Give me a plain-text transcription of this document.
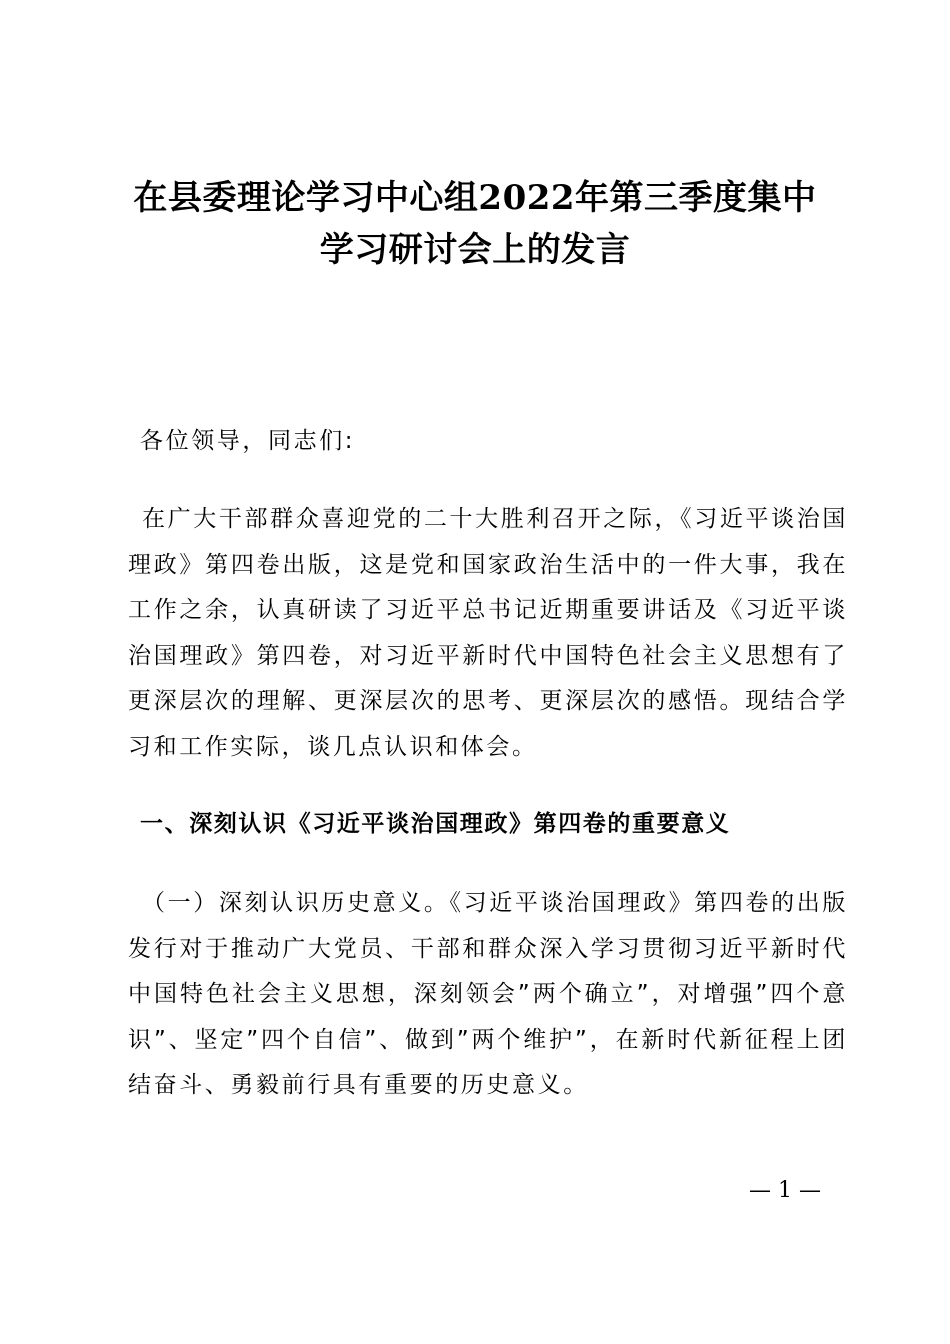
在县委理论学习中心组2022年第三季度集中
学习研讨会上的发言

各位领导，同志们:

在广大干部群众喜迎党的二十大胜利召开之际，《习近平谈治国理政》第四卷出版，这是党和国家政治生活中的一件大事，我在工作之余，认真研读了习近平总书记近期重要讲话及《习近平谈治国理政》第四卷，对习近平新时代中国特色社会主义思想有了更深层次的理解、更深层次的思考、更深层次的感悟。现结合学习和工作实际，谈几点认识和体会。

一、深刻认识《习近平谈治国理政》第四卷的重要意义

（一）深刻认识历史意义。《习近平谈治国理政》第四卷的出版发行对于推动广大党员、干部和群众深入学习贯彻习近平新时代中国特色社会主义思想，深刻领会”两个确立”，对增强”四个意识”、坚定”四个自信”、做到”两个维护”，在新时代新征程上团结奋斗、勇毅前行具有重要的历史意义。

— 1 —
